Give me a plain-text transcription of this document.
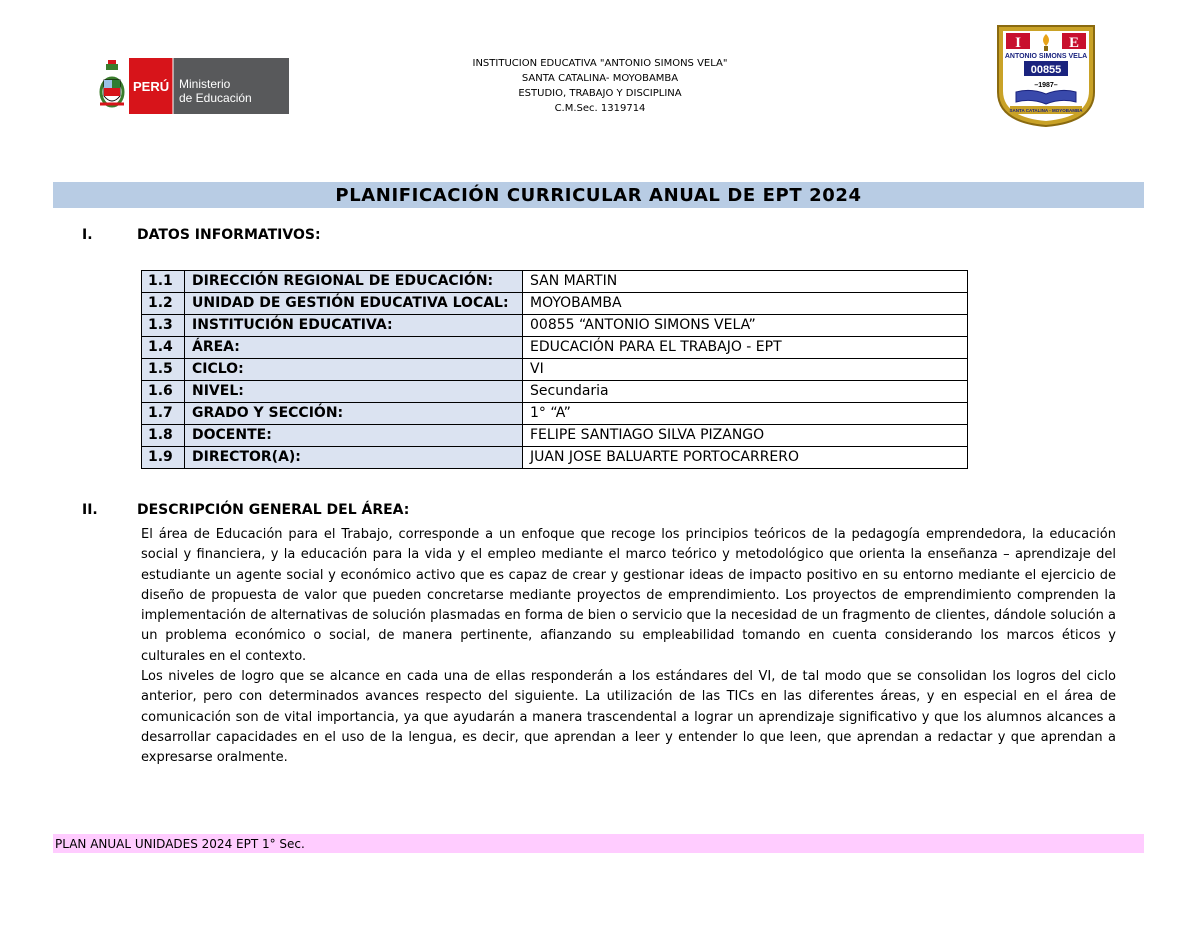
PERÚ Ministerio
de Educación
INSTITUCION EDUCATIVA "ANTONIO SIMONS VELA"
SANTA CATALINA- MOYOBAMBA
ESTUDIO, TRABAJO Y DISCIPLINA
C.M.Sec. 1319714
I	E
ANTONIO SIMONS VELA
00855
–1987–
SANTA CATALINA - MOYOBAMBA
PLANIFICACIÓN CURRICULAR ANUAL DE EPT 2024
I.	DATOS INFORMATIVOS:
1.1	DIRECCIÓN REGIONAL DE EDUCACIÓN:	SAN MARTIN
1.2	UNIDAD DE GESTIÓN EDUCATIVA LOCAL:	MOYOBAMBA
1.3	INSTITUCIÓN EDUCATIVA:	00855 “ANTONIO SIMONS VELA”
1.4	ÁREA:	EDUCACIÓN PARA EL TRABAJO - EPT
1.5	CICLO:	VI
1.6	NIVEL:	Secundaria
1.7	GRADO Y SECCIÓN:	1° “A”
1.8	DOCENTE:	FELIPE SANTIAGO SILVA PIZANGO
1.9	DIRECTOR(A):	JUAN JOSE BALUARTE PORTOCARRERO
II.	DESCRIPCIÓN GENERAL DEL ÁREA:

El área de Educación para el Trabajo, corresponde a un enfoque que recoge los principios teóricos de la pedagogía emprendedora, la educación social y financiera, y la educación para la vida y el empleo mediante el marco teórico y metodológico que orienta la enseñanza – aprendizaje del estudiante un agente social y económico activo que es capaz de crear y gestionar ideas de impacto positivo en su entorno mediante el ejercicio de diseño de propuesta de valor que pueden concretarse mediante proyectos de emprendimiento. Los proyectos de emprendimiento comprenden la implementación de alternativas de solución plasmadas en forma de bien o servicio que la necesidad de un fragmento de clientes, dándole solución a un problema económico o social, de manera pertinente, afianzando su empleabilidad tomando en cuenta considerando los marcos éticos y culturales en el contexto.

Los niveles de logro que se alcance en cada una de ellas responderán a los estándares del VI, de tal modo que se consolidan los logros del ciclo anterior, pero con determinados avances respecto del siguiente. La utilización de las TICs en las diferentes áreas, y en especial en el área de comunicación son de vital importancia, ya que ayudarán a manera trascendental a lograr un aprendizaje significativo y que los alumnos alcances a desarrollar capacidades en el uso de la lengua, es decir, que aprendan a leer y entender lo que leen, que aprendan a redactar y que aprendan a expresarse oralmente.

PLAN ANUAL UNIDADES 2024 EPT 1° Sec.
